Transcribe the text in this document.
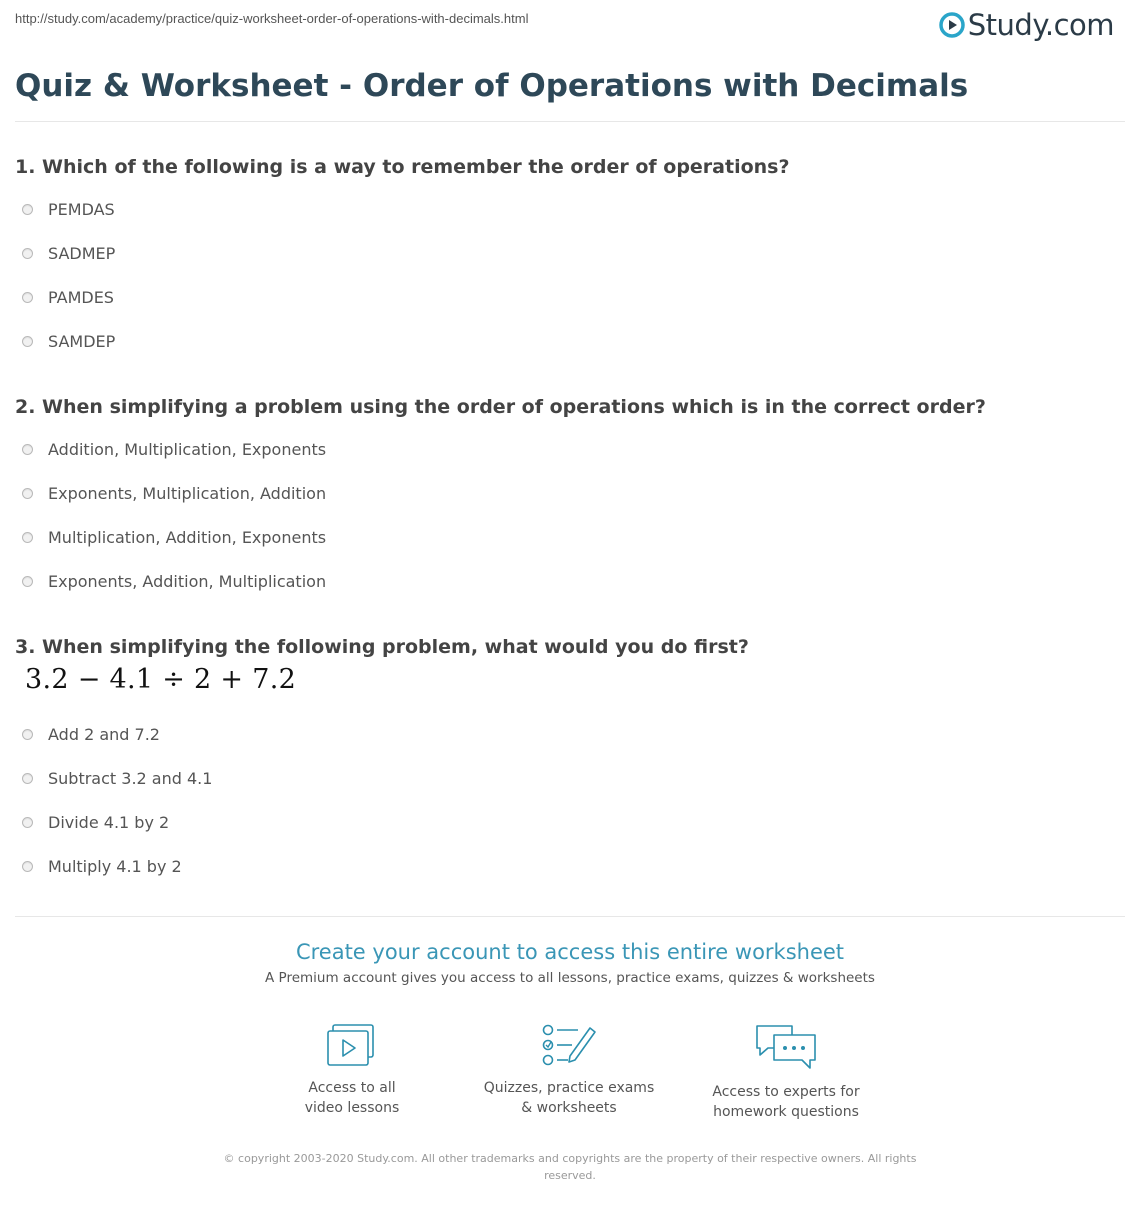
http://study.com/academy/practice/quiz-worksheet-order-of-operations-with-decimals.html	Study.com
Quiz & Worksheet - Order of Operations with Decimals
1. Which of the following is a way to remember the order of operations?
PEMDAS
SADMEP
PAMDES
SAMDEP
2. When simplifying a problem using the order of operations which is in the correct order?
Addition, Multiplication, Exponents
Exponents, Multiplication, Addition
Multiplication, Addition, Exponents
Exponents, Addition, Multiplication
3. When simplifying the following problem, what would you do first?
3.2 − 4.1 ÷ 2 + 7.2
Add 2 and 7.2
Subtract 3.2 and 4.1
Divide 4.1 by 2
Multiply 4.1 by 2
Create your account to access this entire worksheet
A Premium account gives you access to all lessons, practice exams, quizzes & worksheets
Access to all
video lessons
Quizzes, practice exams
& worksheets
Access to experts for
homework questions
© copyright 2003-2020 Study.com. All other trademarks and copyrights are the property of their respective owners. All rights reserved.
